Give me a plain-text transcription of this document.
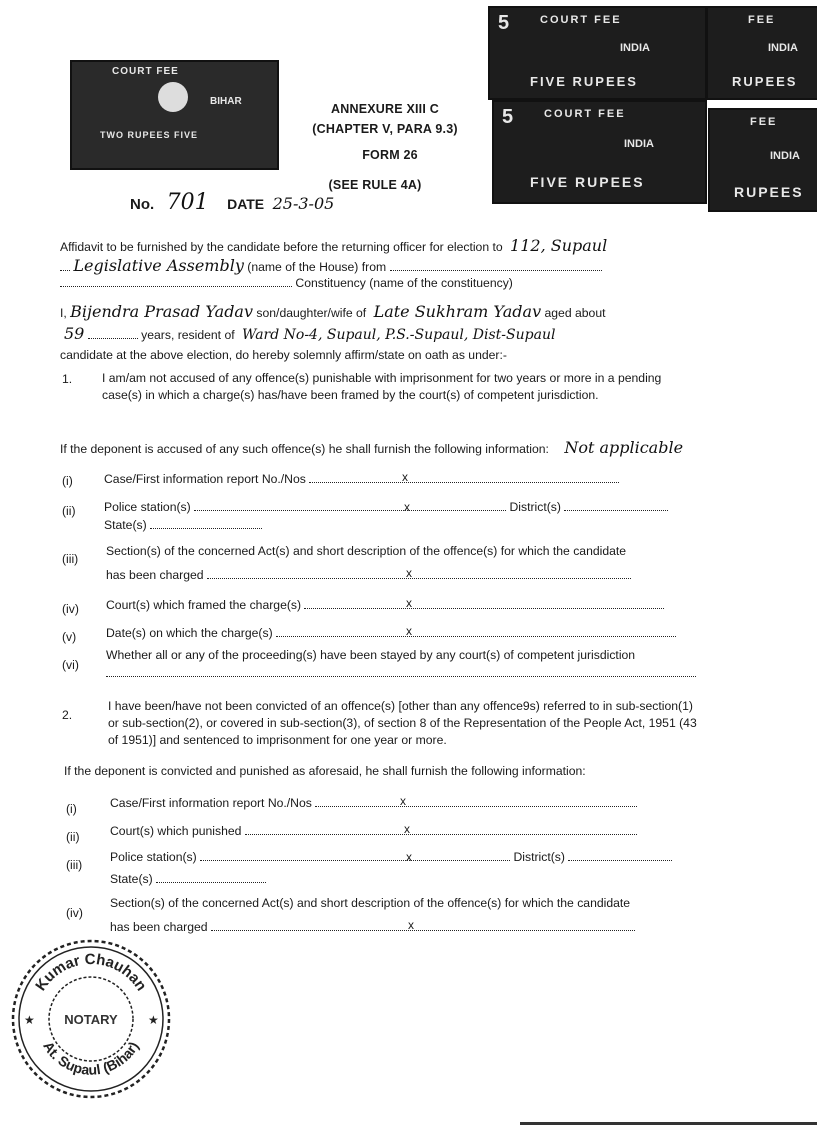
COURT FEE
BIHAR
TWO RUPEES FIVE
5	COURT FEE
INDIA
FIVE RUPEES
FEE
INDIA
RUPEES
5	COURT FEE
INDIA
FIVE RUPEES
FEE
INDIA
RUPEES
ANNEXURE XIII C
(CHAPTER V, PARA 9.3)
FORM 26
(SEE RULE 4A)
No. 701 DATE 25-3-05
Affidavit to be furnished by the candidate before the returning officer for election to 112, Supaul
Legislative Assembly (name of the House) from
Constituency (name of the constituency)
I, Bijendra Prasad Yadav son/daughter/wife of Late Sukhram Yadav aged about
59	years, resident of Ward No-4, Supaul, P.S.-Supaul, Dist-Supaul
candidate at the above election, do hereby solemnly affirm/state on oath as under:-
1. I am/am not accused of any offence(s) punishable with imprisonment for two years or more in a pending case(s) in which a charge(s) has/have been framed by the court(s) of competent jurisdiction.
If the deponent is accused of any such offence(s) he shall furnish the following information: Not applicable
(i)	Case/First information report No./Nos
(ii) Police station(s)	District(s)
State(s)
(iii)
Section(s) of the concerned Act(s) and short description of the offence(s) for which the candidate
has been charged
(iv) Court(s) which framed the charge(s)
(v) Date(s) on which the charge(s)
(vi)
Whether all or any of the proceeding(s) have been stayed by any court(s) of competent jurisdiction
2.
I have been/have not been convicted of an offence(s) [other than any offence9s) referred to in sub-section(1) or sub-section(2), or covered in sub-section(3), of section 8 of the Representation of the People Act, 1951 (43 of 1951)] and sentenced to imprisonment for one year or more.
If the deponent is convicted and punished as aforesaid, he shall furnish the following information:
(i)	Case/First information report No./Nos
(ii) Court(s) which punished
(iii)
Police station(s)	District(s)
State(s)
(iv)
Section(s) of the concerned Act(s) and short description of the offence(s) for which the candidate
has been charged
x
x
x
x
x
x
x
x
x
Kumar Chauhan
At. Supaul (Bihar)
NOTARY
★	★
